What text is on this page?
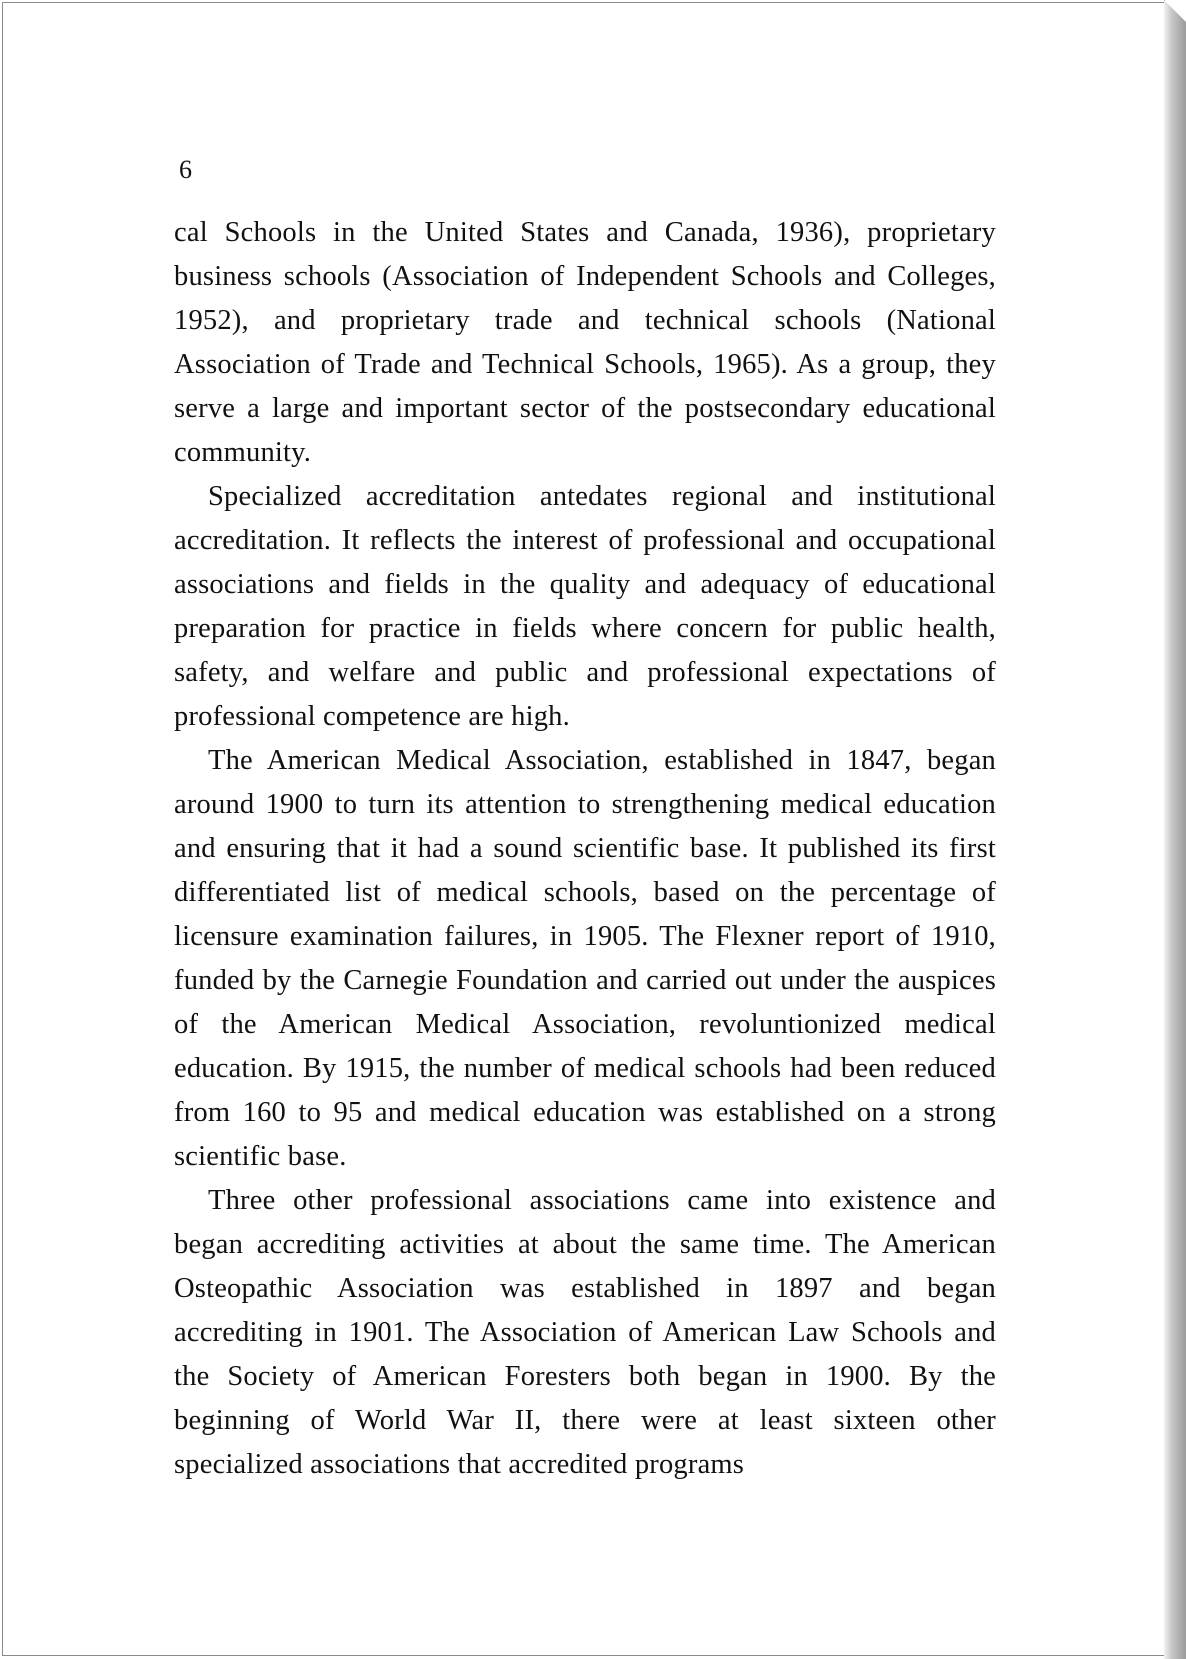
6

cal Schools in the United States and Canada, 1936), proprietary business schools (Association of Independent Schools and Colleges, 1952), and proprietary trade and technical schools (National Association of Trade and Technical Schools, 1965). As a group, they serve a large and important sector of the postsecondary educational community.

Specialized accreditation antedates regional and institutional accreditation. It reflects the interest of professional and occupational associations and fields in the quality and adequacy of educational preparation for practice in fields where concern for public health, safety, and welfare and public and professional expectations of professional competence are high.

The American Medical Association, established in 1847, began around 1900 to turn its attention to strengthening medical education and ensuring that it had a sound scientific base. It published its first differentiated list of medical schools, based on the percentage of licensure examination failures, in 1905. The Flexner report of 1910, funded by the Carnegie Foundation and carried out under the auspices of the American Medical Association, revoluntionized medical education. By 1915, the number of medical schools had been reduced from 160 to 95 and medical education was established on a strong scientific base.

Three other professional associations came into existence and began accrediting activities at about the same time. The American Osteopathic Association was established in 1897 and began accrediting in 1901. The Association of American Law Schools and the Society of American Foresters both began in 1900. By the beginning of World War II, there were at least sixteen other specialized associations that accredited programs
